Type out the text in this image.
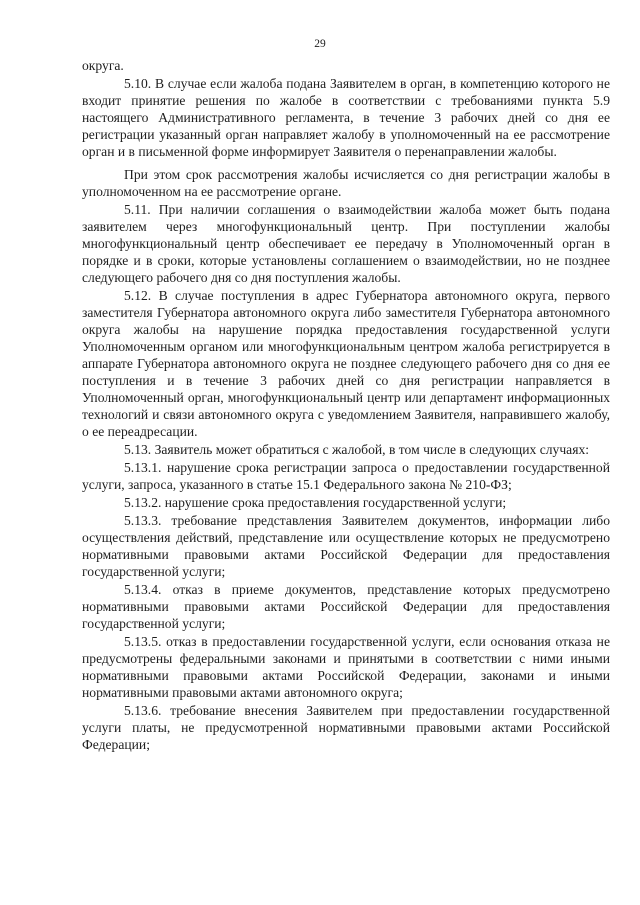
29

округа.

5.10. В случае если жалоба подана Заявителем в орган, в компетенцию которого не входит принятие решения по жалобе в соответствии с требованиями пункта 5.9 настоящего Административного регламента, в течение 3 рабочих дней со дня ее регистрации указанный орган направляет жалобу в уполномоченный на ее рассмотрение орган и в письменной форме информирует Заявителя о перенаправлении жалобы.

При этом срок рассмотрения жалобы исчисляется со дня регистрации жалобы в уполномоченном на ее рассмотрение органе.

5.11. При наличии соглашения о взаимодействии жалоба может быть подана заявителем через многофункциональный центр. При поступлении жалобы многофункциональный центр обеспечивает ее передачу в Уполномоченный орган в порядке и в сроки, которые установлены соглашением о взаимодействии, но не позднее следующего рабочего дня со дня поступления жалобы.

5.12. В случае поступления в адрес Губернатора автономного округа, первого заместителя Губернатора автономного округа либо заместителя Губернатора автономного округа жалобы на нарушение порядка предоставления государственной услуги Уполномоченным органом или многофункциональным центром жалоба регистрируется в аппарате Губернатора автономного округа не позднее следующего рабочего дня со дня ее поступления и в течение 3 рабочих дней со дня регистрации направляется в Уполномоченный орган, многофункциональный центр или департамент информационных технологий и связи автономного округа с уведомлением Заявителя, направившего жалобу, о ее переадресации.

5.13. Заявитель может обратиться с жалобой, в том числе в следующих случаях:

5.13.1. нарушение срока регистрации запроса о предоставлении государственной услуги, запроса, указанного в статье 15.1 Федерального закона № 210-ФЗ;

5.13.2. нарушение срока предоставления государственной услуги;

5.13.3. требование представления Заявителем документов, информации либо осуществления действий, представление или осуществление которых не предусмотрено нормативными правовыми актами Российской Федерации для предоставления государственной услуги;

5.13.4. отказ в приеме документов, представление которых предусмотрено нормативными правовыми актами Российской Федерации для предоставления государственной услуги;

5.13.5. отказ в предоставлении государственной услуги, если основания отказа не предусмотрены федеральными законами и принятыми в соответствии с ними иными нормативными правовыми актами Российской Федерации, законами и иными нормативными правовыми актами автономного округа;

5.13.6. требование внесения Заявителем при предоставлении государственной услуги платы, не предусмотренной нормативными правовыми актами Российской Федерации;
